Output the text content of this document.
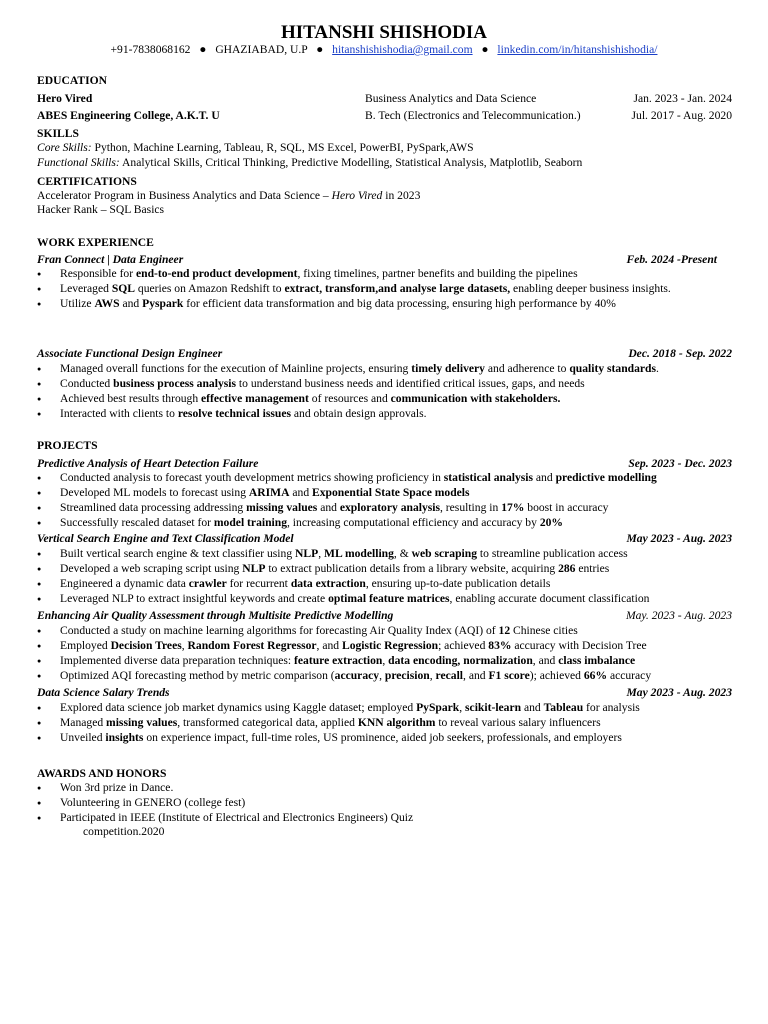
HITANSHI SHISHODIA
+91-7838068162 ● GHAZIABAD, U.P ● hitanshishishodia@gmail.com ● linkedin.com/in/hitanshishishodia/
EDUCATION
Hero Vired	Business Analytics and Data Science	Jan. 2023 - Jan. 2024
ABES Engineering College, A.K.T. U	B. Tech (Electronics and Telecommunication.)	Jul. 2017 - Aug. 2020
SKILLS
Core Skills: Python, Machine Learning, Tableau, R, SQL, MS Excel, PowerBI, PySpark,AWS
Functional Skills: Analytical Skills, Critical Thinking, Predictive Modelling, Statistical Analysis, Matplotlib, Seaborn
CERTIFICATIONS
Accelerator Program in Business Analytics and Data Science – Hero Vired in 2023
Hacker Rank – SQL Basics
WORK EXPERIENCE
Fran Connect | Data Engineer	Feb. 2024 -Present
● Responsible for end-to-end product development, fixing timelines, partner benefits and building the pipelines
● Leveraged SQL queries on Amazon Redshift to extract, transform,and analyse large datasets, enabling deeper business insights.
● Utilize AWS and Pyspark for efficient data transformation and big data processing, ensuring high performance by 40%
Associate Functional Design Engineer	Dec. 2018 - Sep. 2022
● Managed overall functions for the execution of Mainline projects, ensuring timely delivery and adherence to quality standards.
● Conducted business process analysis to understand business needs and identified critical issues, gaps, and needs
● Achieved best results through effective management of resources and communication with stakeholders.
● Interacted with clients to resolve technical issues and obtain design approvals.
PROJECTS
Predictive Analysis of Heart Detection Failure	Sep. 2023 - Dec. 2023
● Conducted analysis to forecast youth development metrics showing proficiency in statistical analysis and predictive modelling
● Developed ML models to forecast using ARIMA and Exponential State Space models
● Streamlined data processing addressing missing values and exploratory analysis, resulting in 17% boost in accuracy
● Successfully rescaled dataset for model training, increasing computational efficiency and accuracy by 20%
Vertical Search Engine and Text Classification Model	May 2023 - Aug. 2023
● Built vertical search engine & text classifier using NLP, ML modelling, & web scraping to streamline publication access
● Developed a web scraping script using NLP to extract publication details from a library website, acquiring 286 entries
● Engineered a dynamic data crawler for recurrent data extraction, ensuring up-to-date publication details
● Leveraged NLP to extract insightful keywords and create optimal feature matrices, enabling accurate document classification
Enhancing Air Quality Assessment through Multisite Predictive Modelling	May. 2023 - Aug. 2023
● Conducted a study on machine learning algorithms for forecasting Air Quality Index (AQI) of 12 Chinese cities
● Employed Decision Trees, Random Forest Regressor, and Logistic Regression; achieved 83% accuracy with Decision Tree
● Implemented diverse data preparation techniques: feature extraction, data encoding, normalization, and class imbalance
● Optimized AQI forecasting method by metric comparison (accuracy, precision, recall, and F1 score); achieved 66% accuracy
Data Science Salary Trends	May 2023 - Aug. 2023
● Explored data science job market dynamics using Kaggle dataset; employed PySpark, scikit-learn and Tableau for analysis
● Managed missing values, transformed categorical data, applied KNN algorithm to reveal various salary influencers
● Unveiled insights on experience impact, full-time roles, US prominence, aided job seekers, professionals, and employers
AWARDS AND HONORS
● Won 3rd prize in Dance.
● Volunteering in GENERO (college fest)
● Participated in IEEE (Institute of Electrical and Electronics Engineers) Quiz
competition.2020
